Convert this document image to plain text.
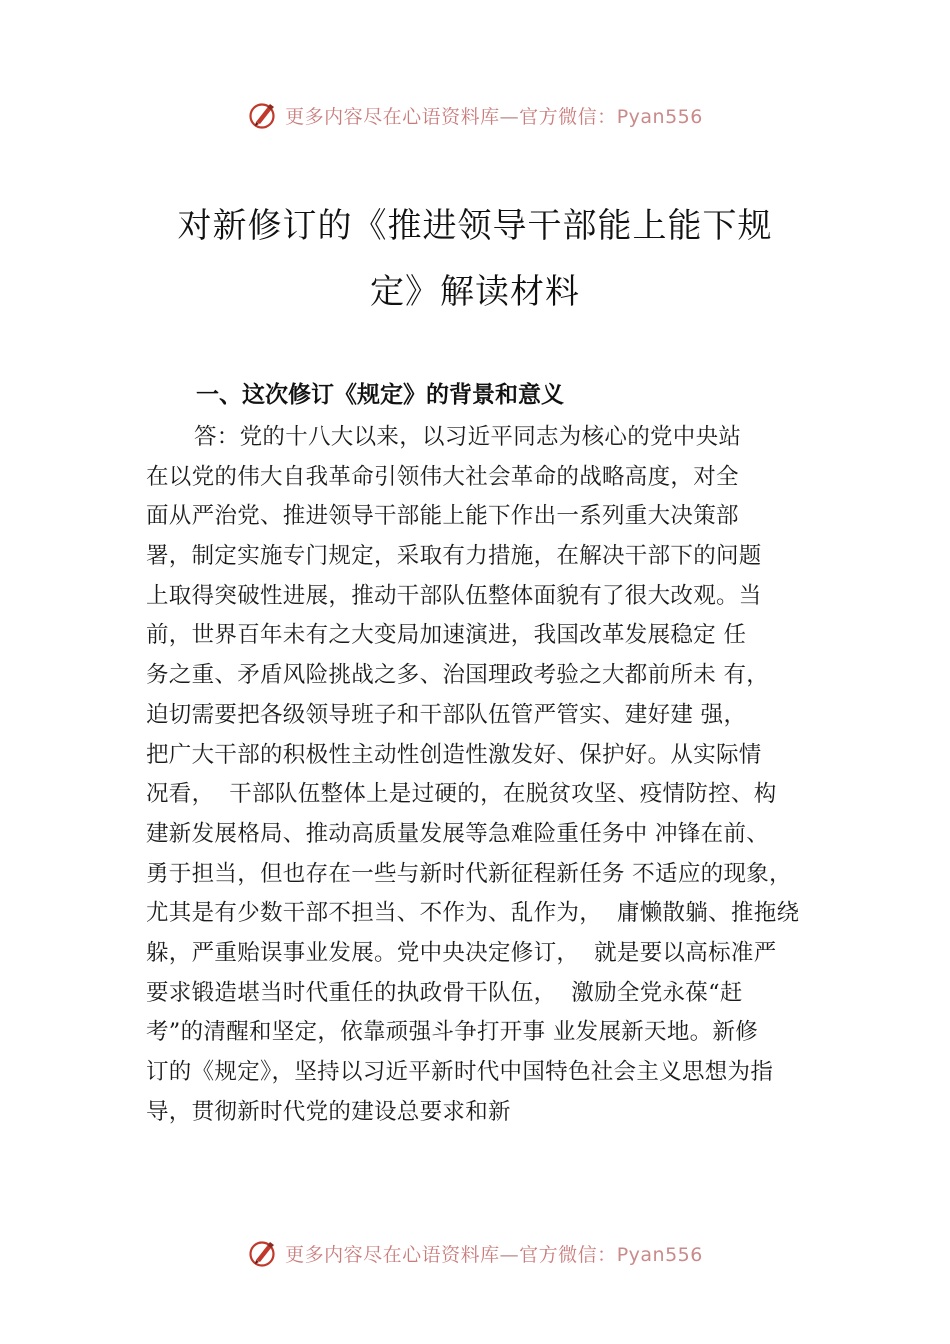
更多内容尽在心语资料库—官方微信：Pyan556
对新修订的《推进领导干部能上能下规
定》解读材料
一、这次修订《规定》的背景和意义
答：党的十八大以来，以习近平同志为核心的党中央站
在以党的伟大自我革命引领伟大社会革命的战略高度，对全
面从严治党、推进领导干部能上能下作出一系列重大决策部
署，制定实施专门规定，采取有力措施，在解决干部下的问题
上取得突破性进展，推动干部队伍整体面貌有了很大改观。当
前，世界百年未有之大变局加速演进，我国改革发展稳定 任
务之重、矛盾风险挑战之多、治国理政考验之大都前所未 有，
迫切需要把各级领导班子和干部队伍管严管实、建好建 强，
把广大干部的积极性主动性创造性激发好、保护好。从实际情
况看，  干部队伍整体上是过硬的，在脱贫攻坚、疫情防控、构
建新发展格局、推动高质量发展等急难险重任务中 冲锋在前、
勇于担当，但也存在一些与新时代新征程新任务 不适应的现象，
尤其是有少数干部不担当、不作为、乱作为，  庸懒散躺、推拖绕
躲，严重贻误事业发展。党中央决定修订，  就是要以高标准严
要求锻造堪当时代重任的执政骨干队伍，  激励全党永葆“赶
考”的清醒和坚定，依靠顽强斗争打开事 业发展新天地。新修
订的《规定》，坚持以习近平新时代中国特色社会主义思想为指
导，贯彻新时代党的建设总要求和新
更多内容尽在心语资料库—官方微信：Pyan556
